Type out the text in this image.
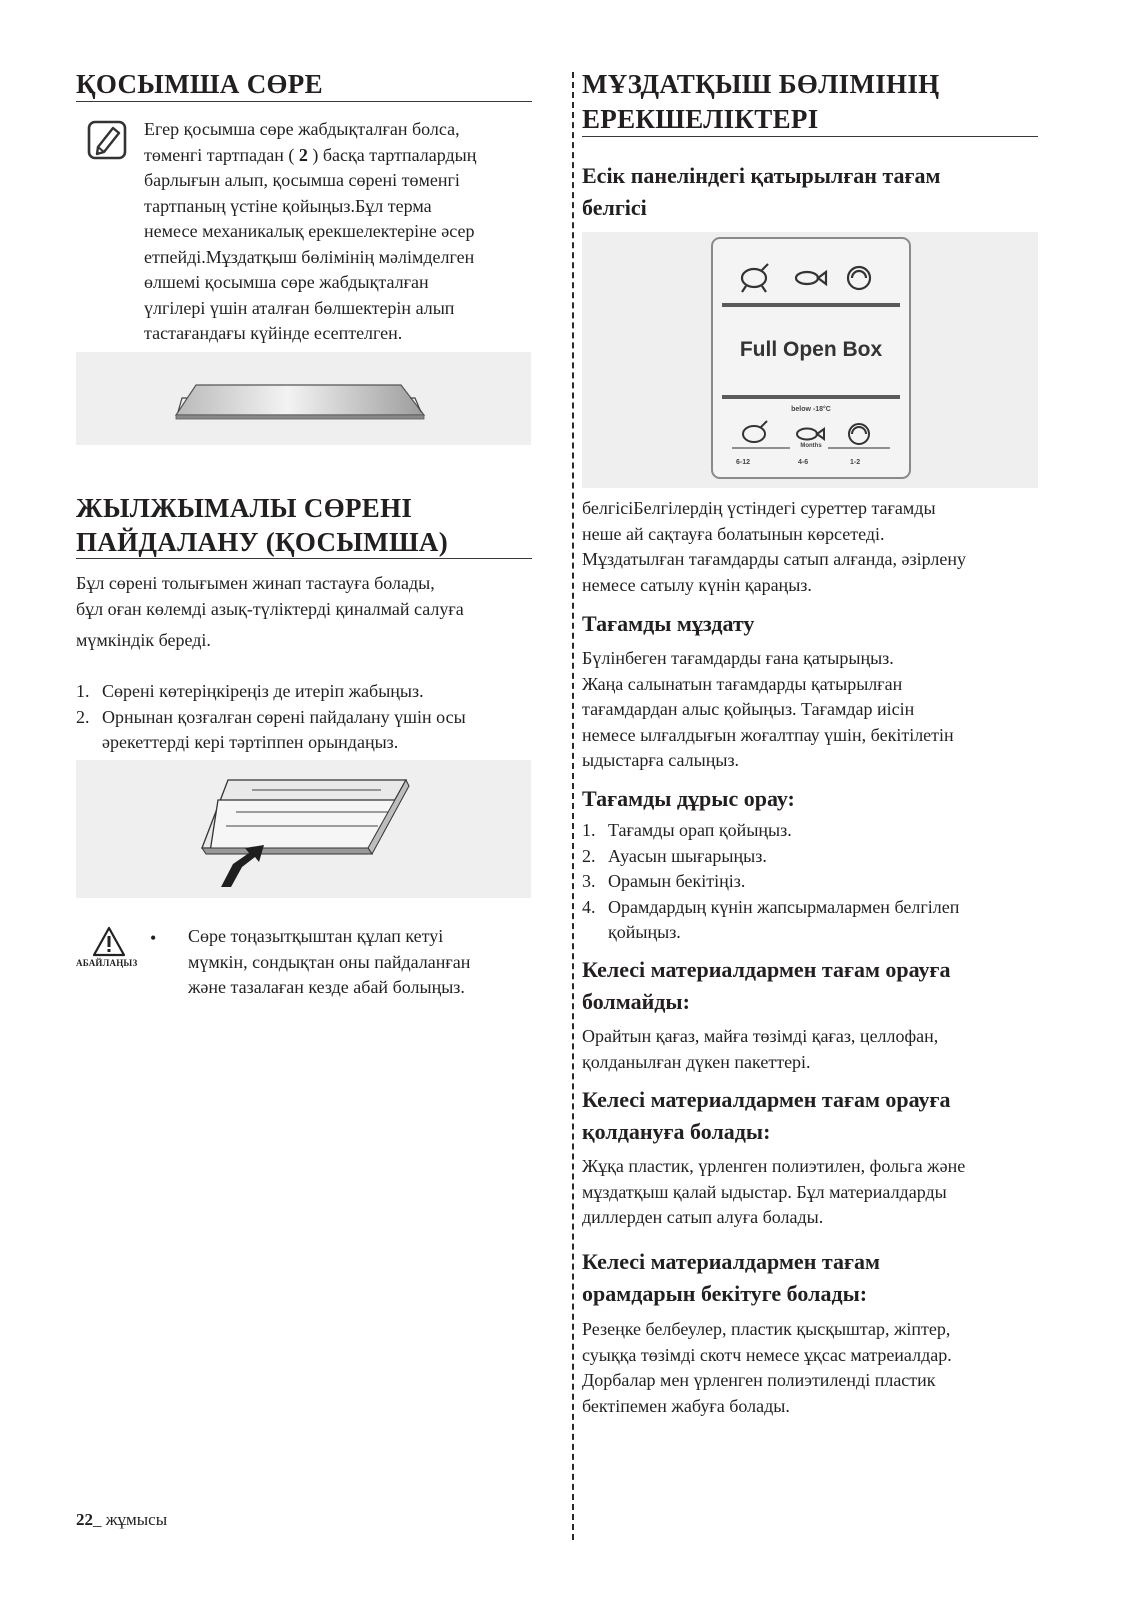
ҚОСЫМША СӨРЕ

Егер қосымша сөре жабдықталған болса,

төменгі тартпадан ( 2 ) басқа тартпалардың

барлығын алып, қосымша сөрені төменгі

тартпаның үстіне қойыңыз.Бұл терма

немесе механикалық ерекшелектеріне әсер

етпейді.Мұздатқыш бөлімінің мәлімделген

өлшемі қосымша сөре жабдықталған

үлгілері үшін аталған бөлшектерін алып

тастағандағы күйінде есептелген.

ЖЫЛЖЫМАЛЫ СӨРЕНІ
ПАЙДАЛАНУ (ҚОСЫМША)

Бұл сөрені толығымен жинап тастауға болады,

бұл оған көлемді азық-түліктерді қиналмай салуға

мүмкіндік береді.

1. Сөрені көтеріңкіреңіз де итеріп жабыңыз.
2. Орнынан қозғалған сөрені пайдалану үшін осы
әрекеттерді кері тәртіппен орындаңыз.
АБАЙЛАҢЫЗ
• Сөре тоңазытқыштан құлап кетуі

мүмкін, сондықтан оны пайдаланған

және тазалаған кезде абай болыңыз.

МҰЗДАТҚЫШ БӨЛІМІНІҢ
ЕРЕКШЕЛІКТЕРІ
Есік панеліндегі қатырылған тағам
белгісі
Full Open Box
below -18°C
Months
6-12	4-6	1-2

белгісіБелгілердің үстіндегі суреттер тағамды

неше ай сақтауға болатынын көрсетеді.

Мұздатылған тағамдарды сатып алғанда, әзірлену

немесе сатылу күнін қараңыз.

Тағамды мұздату

Бүлінбеген тағамдарды ғана қатырыңыз.

Жаңа салынатын тағамдарды қатырылған

тағамдардан алыс қойыңыз. Тағамдар иісін

немесе ылғалдығын жоғалтпау үшін, бекітілетін

ыдыстарға салыңыз.

Тағамды дұрыс орау:
1. Тағамды орап қойыңыз.
2. Ауасын шығарыңыз.
3. Орамын бекітіңіз.
4. Орамдардың күнін жапсырмалармен белгілеп
қойыңыз.
Келесі материалдармен тағам орауға
болмайды:

Орайтын қағаз, майға төзімді қағаз, целлофан,

қолданылған дүкен пакеттері.

Келесі материалдармен тағам орауға
қолдануға болады:

Жұқа пластик, үрленген полиэтилен, фольга және

мұздатқыш қалай ыдыстар. Бұл материалдарды

диллерден сатып алуға болады.

Келесі материалдармен тағам
орамдарын бекітуге болады:

Резеңке белбеулер, пластик қысқыштар, жіптер,

суыққа төзімді скотч немесе ұқсас матреиалдар.

Дорбалар мен үрленген полиэтиленді пластик

бектіпемен жабуға болады.

22_ жұмысы
